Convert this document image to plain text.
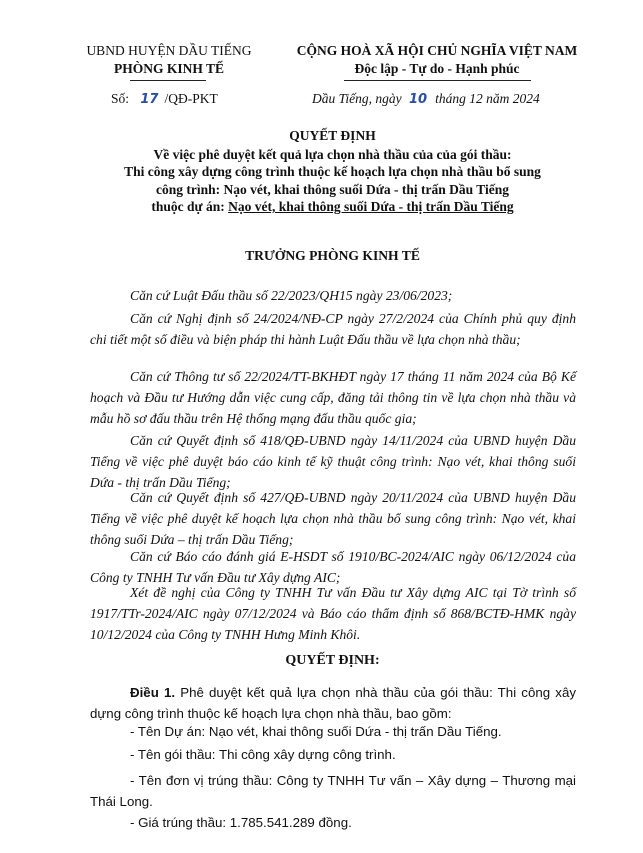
UBND HUYỆN DẦU TIẾNG
PHÒNG KINH TẾ
CỘNG HOÀ XÃ HỘI CHỦ NGHĨA VIỆT NAM
Độc lập - Tự do - Hạnh phúc
Số: 17 /QĐ-PKT	Dầu Tiếng, ngày 10 tháng 12 năm 2024
QUYẾT ĐỊNH
Về việc phê duyệt kết quả lựa chọn nhà thầu của của gói thầu:
Thi công xây dựng công trình thuộc kế hoạch lựa chọn nhà thầu bổ sung
công trình: Nạo vét, khai thông suối Dứa - thị trấn Dầu Tiếng
thuộc dự án: Nạo vét, khai thông suối Dứa - thị trấn Dầu Tiếng
TRƯỞNG PHÒNG KINH TẾ
Căn cứ Luật Đấu thầu số 22/2023/QH15 ngày 23/06/2023;
Căn cứ Nghị định số 24/2024/NĐ-CP ngày 27/2/2024 của Chính phủ quy định chi tiết một số điều và biện pháp thi hành Luật Đấu thầu về lựa chọn nhà thầu;
Căn cứ Thông tư số 22/2024/TT-BKHĐT ngày 17 tháng 11 năm 2024 của Bộ Kế hoạch và Đầu tư Hướng dẫn việc cung cấp, đăng tải thông tin về lựa chọn nhà thầu và mẫu hồ sơ đấu thầu trên Hệ thống mạng đấu thầu quốc gia;
Căn cứ Quyết định số 418/QĐ-UBND ngày 14/11/2024 của UBND huyện Dầu Tiếng về việc phê duyệt báo cáo kinh tế kỹ thuật công trình: Nạo vét, khai thông suối Dứa - thị trấn Dầu Tiếng;
Căn cứ Quyết định số 427/QĐ-UBND ngày 20/11/2024 của UBND huyện Dầu Tiếng về việc phê duyệt kế hoạch lựa chọn nhà thầu bổ sung công trình: Nạo vét, khai thông suối Dứa – thị trấn Dầu Tiếng;
Căn cứ Báo cáo đánh giá E-HSDT số 1910/BC-2024/AIC ngày 06/12/2024 của Công ty TNHH Tư vấn Đầu tư Xây dựng AIC;
Xét đề nghị của Công ty TNHH Tư vấn Đầu tư Xây dựng AIC tại Tờ trình số 1917/TTr-2024/AIC ngày 07/12/2024 và Báo cáo thẩm định số 868/BCTĐ-HMK ngày 10/12/2024 của Công ty TNHH Hưng Minh Khôi.
QUYẾT ĐỊNH:
Điều 1. Phê duyệt kết quả lựa chọn nhà thầu của gói thầu: Thi công xây dựng công trình thuộc kế hoạch lựa chọn nhà thầu, bao gồm:
- Tên Dự án: Nạo vét, khai thông suối Dứa - thị trấn Dầu Tiếng.
- Tên gói thầu: Thi công xây dựng công trình.
- Tên đơn vị trúng thầu: Công ty TNHH Tư vấn – Xây dựng – Thương mại Thái Long.
- Giá trúng thầu: 1.785.541.289 đồng.
